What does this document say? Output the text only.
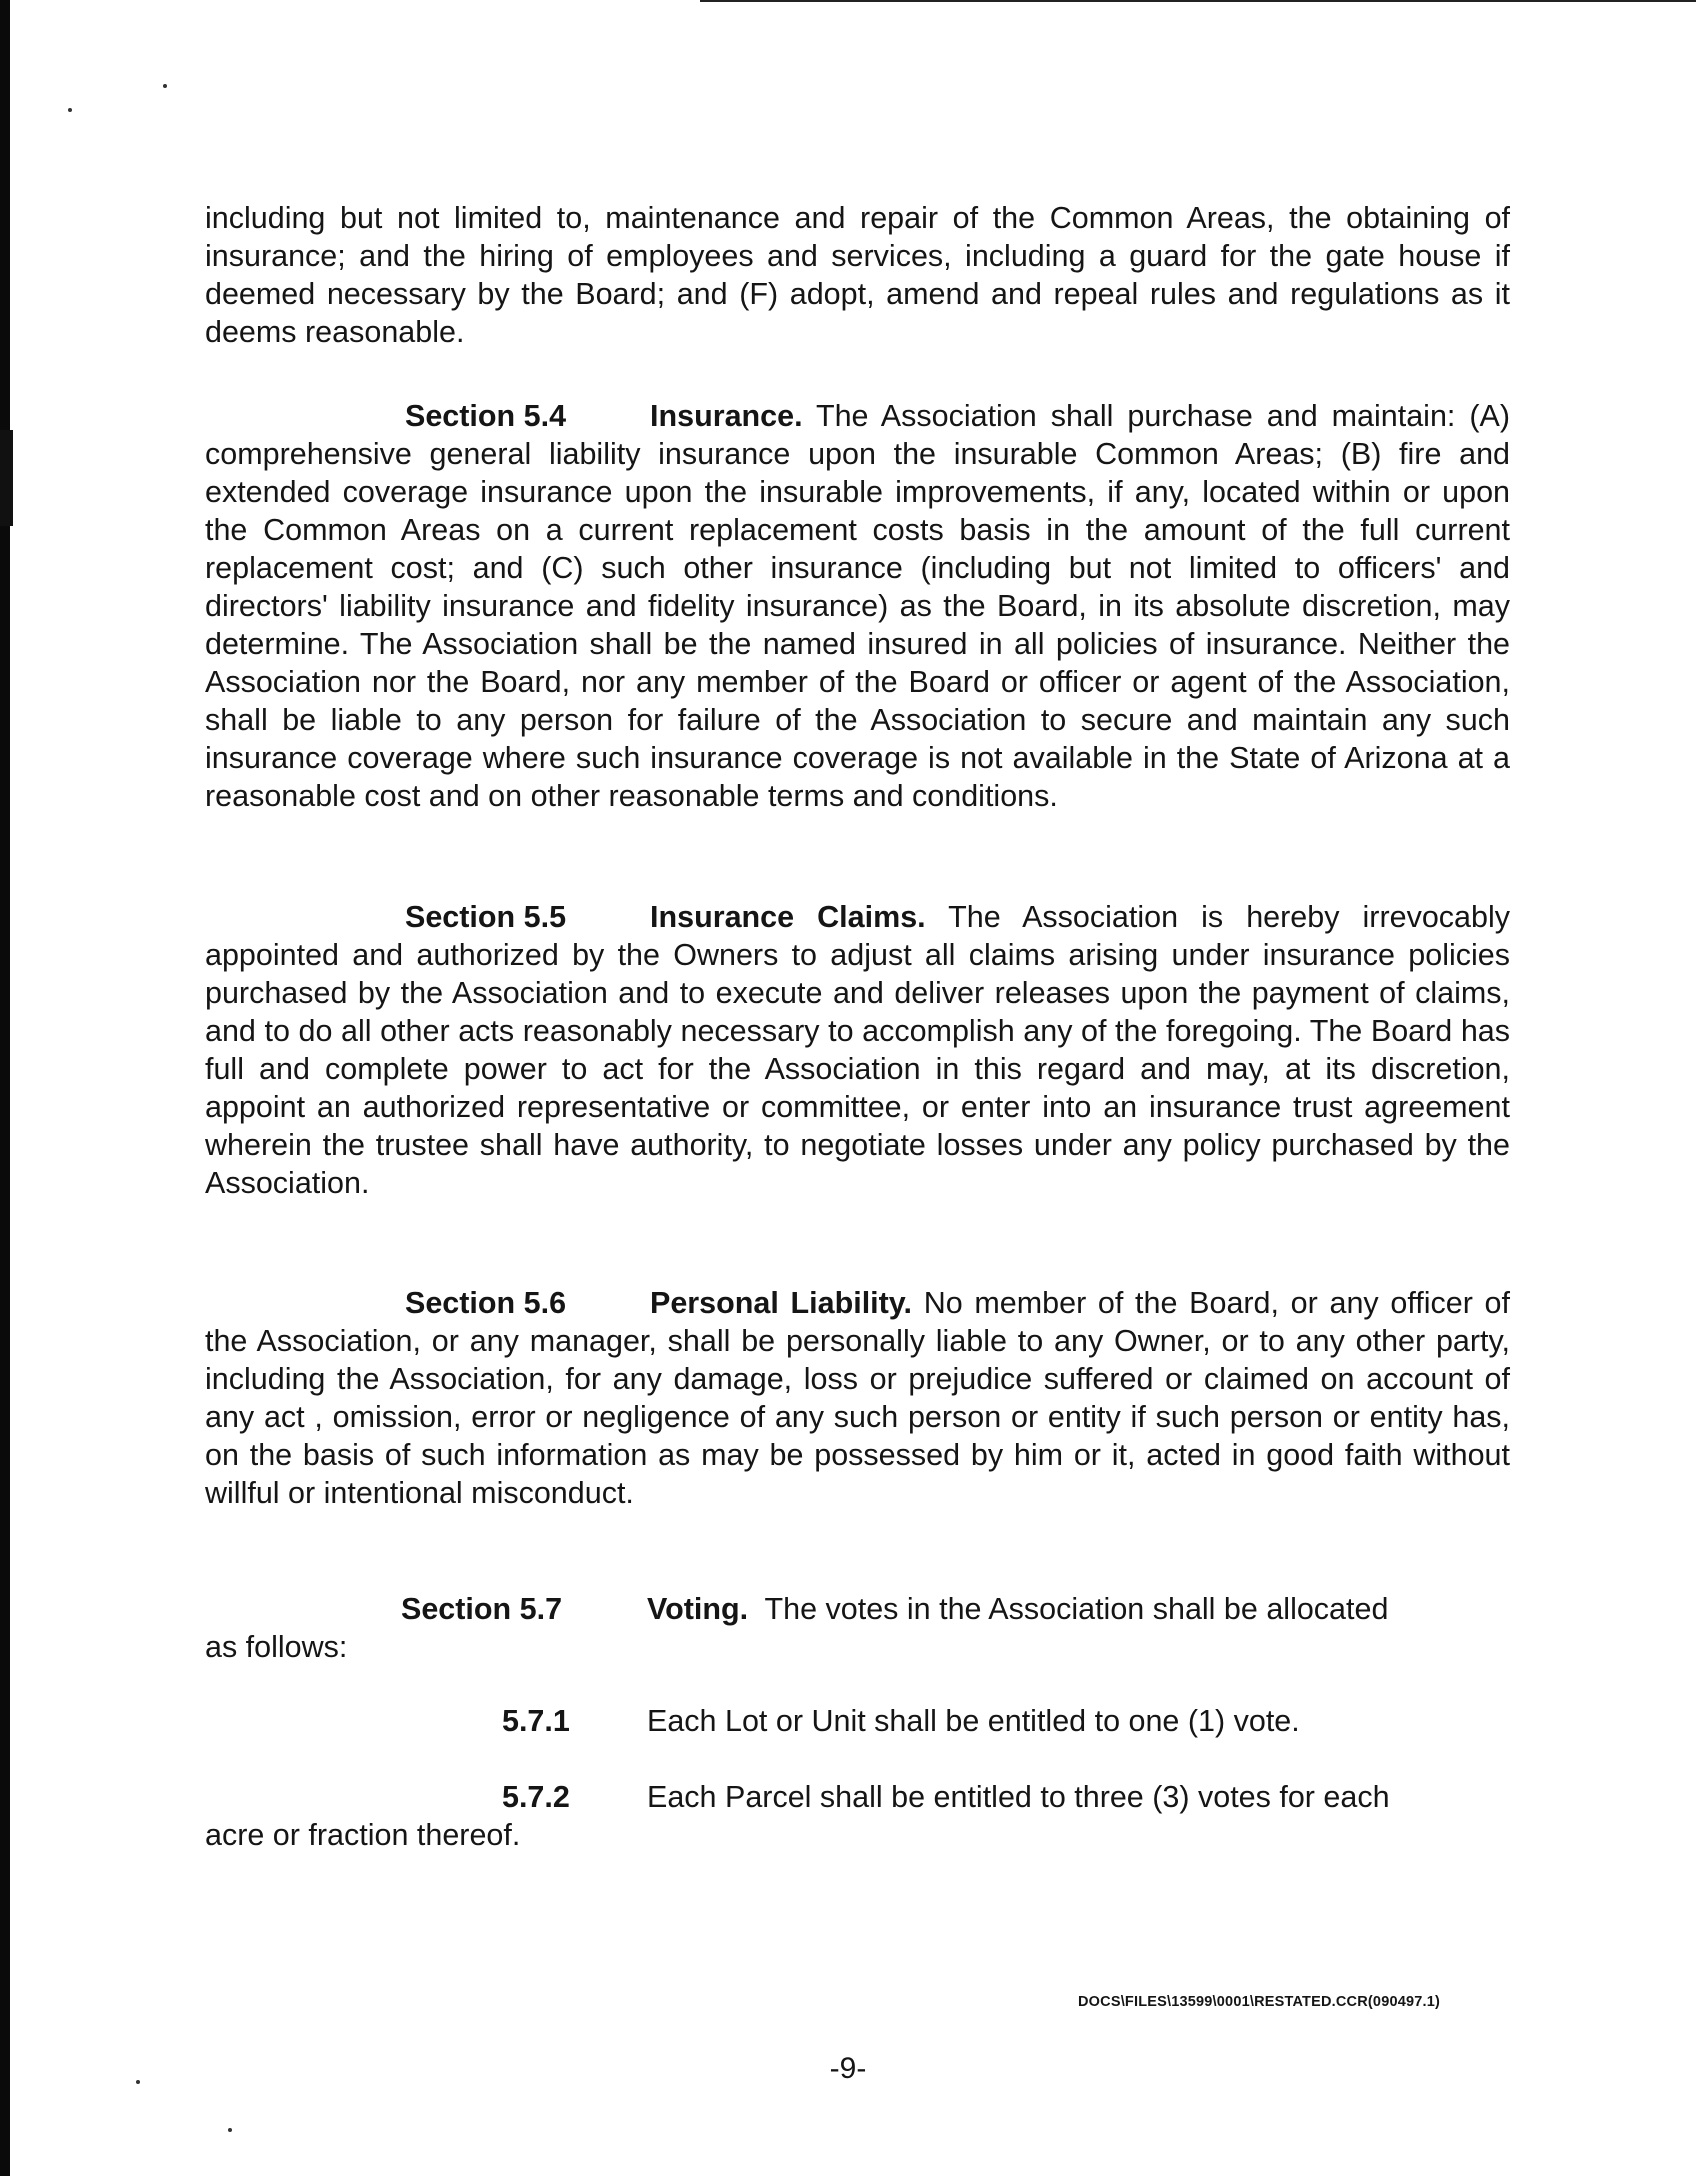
including but not limited to, maintenance and repair of the Common Areas, the obtaining of insurance; and the hiring of employees and services, including a guard for the gate house if deemed necessary by the Board; and (F) adopt, amend and repeal rules and regulations as it deems reasonable.

Section 5.4	Insurance. The Association shall purchase and maintain: (A) comprehensive general liability insurance upon the insurable Common Areas; (B) fire and extended coverage insurance upon the insurable improvements, if any, located within or upon the Common Areas on a current replacement costs basis in the amount of the full current replacement cost; and (C) such other insurance (including but not limited to officers' and directors' liability insurance and fidelity insurance) as the Board, in its absolute discretion, may determine. The Association shall be the named insured in all policies of insurance. Neither the Association nor the Board, nor any member of the Board or officer or agent of the Association, shall be liable to any person for failure of the Association to secure and maintain any such insurance coverage where such insurance coverage is not available in the State of Arizona at a reasonable cost and on other reasonable terms and conditions.

Section 5.5	Insurance Claims. The Association is hereby irrevocably appointed and authorized by the Owners to adjust all claims arising under insurance policies purchased by the Association and to execute and deliver releases upon the payment of claims, and to do all other acts reasonably necessary to accomplish any of the foregoing. The Board has full and complete power to act for the Association in this regard and may, at its discretion, appoint an authorized representative or committee, or enter into an insurance trust agreement wherein the trustee shall have authority, to negotiate losses under any policy purchased by the Association.

Section 5.6	Personal Liability. No member of the Board, or any officer of the Association, or any manager, shall be personally liable to any Owner, or to any other party, including the Association, for any damage, loss or prejudice suffered or claimed on account of any act , omission, error or negligence of any such person or entity if such person or entity has, on the basis of such information as may be possessed by him or it, acted in good faith without willful or intentional misconduct.

Section 5.7	Voting. The votes in the Association shall be allocated
as follows:
5.7.1	Each Lot or Unit shall be entitled to one (1) vote.
5.7.2	Each Parcel shall be entitled to three (3) votes for each
acre or fraction thereof.
DOCS\FILES\13599\0001\RESTATED.CCR(090497.1)
-9-
